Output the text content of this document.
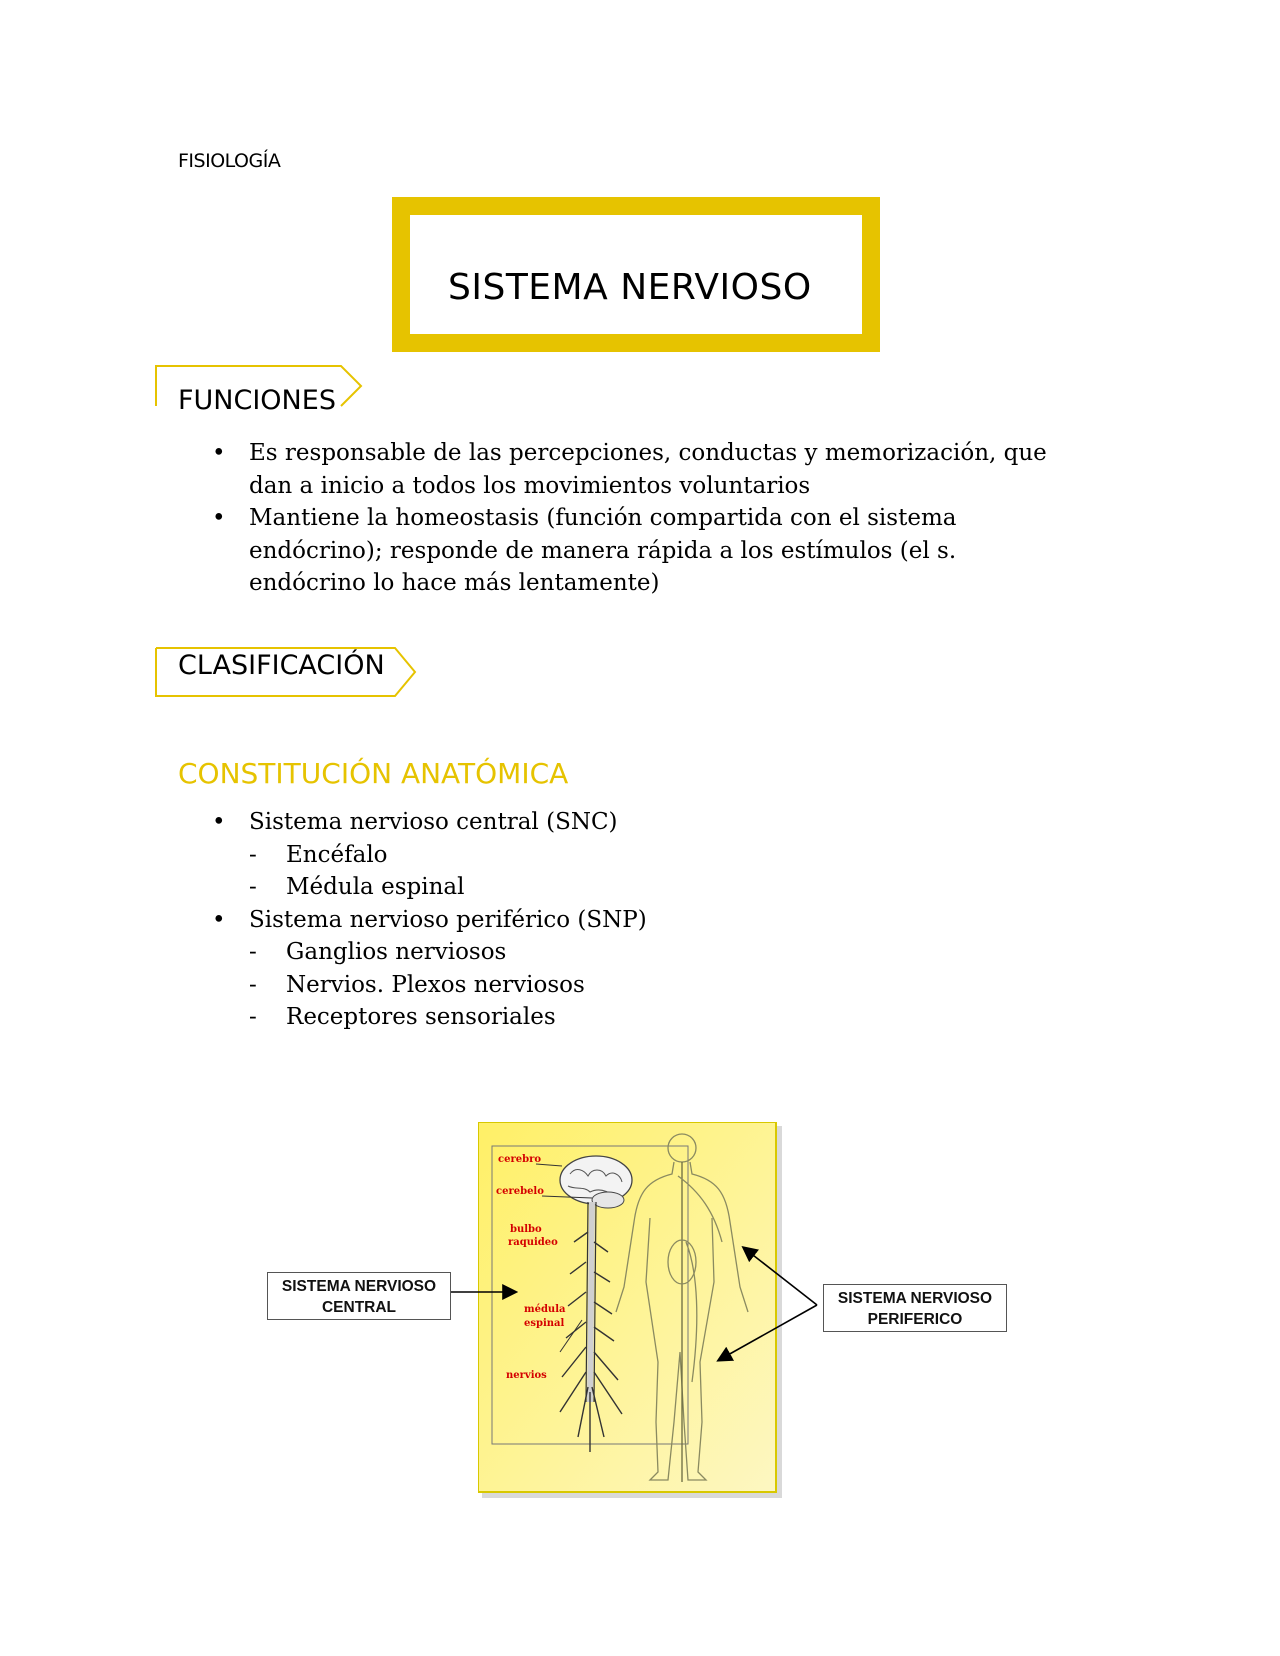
FISIOLOGÍA
SISTEMA NERVIOSO
FUNCIONES
• Es responsable de las percepciones, conductas y memorización, que dan a inicio a todos los movimientos voluntarios
• Mantiene la homeostasis (función compartida con el sistema endócrino); responde de manera rápida a los estímulos (el s. endócrino lo hace más lentamente)
CLASIFICACIÓN
CONSTITUCIÓN ANATÓMICA
• Sistema nervioso central (SNC)
- Encéfalo
- Médula espinal
• Sistema nervioso periférico (SNP)
- Ganglios nerviosos
- Nervios. Plexos nerviosos
- Receptores sensoriales
cerebro
cerebelo
bulbo
raquideo
médula
espinal
nervios
SISTEMA NERVIOSO
CENTRAL
SISTEMA NERVIOSO
PERIFERICO
